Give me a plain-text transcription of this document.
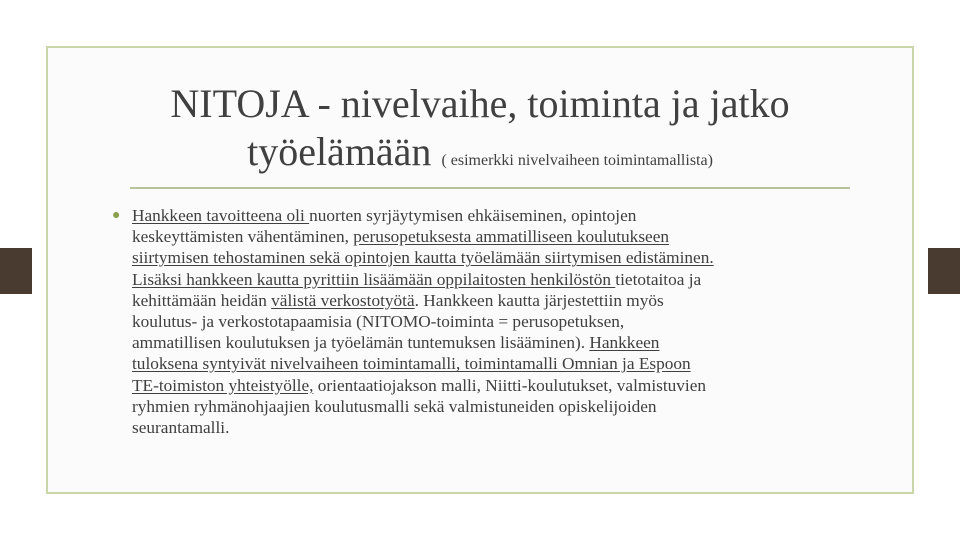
NITOJA - nivelvaihe, toiminta ja jatko
työelämään ( esimerkki nivelvaiheen toimintamallista)
● Hankkeen tavoitteena oli nuorten syrjäytymisen ehkäiseminen, opintojen
keskeyttämisten vähentäminen, perusopetuksesta ammatilliseen koulutukseen
siirtymisen tehostaminen sekä opintojen kautta työelämään siirtymisen edistäminen.
Lisäksi hankkeen kautta pyrittiin lisäämään oppilaitosten henkilöstön tietotaitoa ja
kehittämään heidän välistä verkostotyötä. Hankkeen kautta järjestettiin myös
koulutus- ja verkostotapaamisia (NITOMO-toiminta = perusopetuksen,
ammatillisen koulutuksen ja työelämän tuntemuksen lisääminen). Hankkeen
tuloksena syntyivät nivelvaiheen toimintamalli, toimintamalli Omnian ja Espoon
TE-toimiston yhteistyölle, orientaatiojakson malli, Niitti-koulutukset, valmistuvien
ryhmien ryhmänohjaajien koulutusmalli sekä valmistuneiden opiskelijoiden
seurantamalli.
